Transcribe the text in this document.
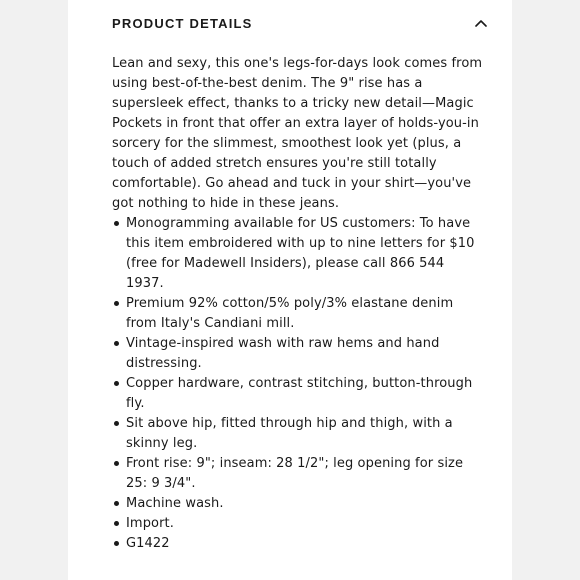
PRODUCT DETAILS

Lean and sexy, this one's legs-for-days look comes from using best-of-the-best denim. The 9" rise has a supersleek effect, thanks to a tricky new detail—Magic Pockets in front that offer an extra layer of holds-you-in sorcery for the slimmest, smoothest look yet (plus, a touch of added stretch ensures you're still totally comfortable). Go ahead and tuck in your shirt—you've got nothing to hide in these jeans.

Monogramming available for US customers: To have this item embroidered with up to nine letters for $10 (free for Madewell Insiders), please call 866 544 1937.
Premium 92% cotton/5% poly/3% elastane denim from Italy's Candiani mill.
Vintage-inspired wash with raw hems and hand distressing.
Copper hardware, contrast stitching, button-through fly.
Sit above hip, fitted through hip and thigh, with a skinny leg.
Front rise: 9"; inseam: 28 1/2"; leg opening for size 25: 9 3/4".
Machine wash.
Import.
G1422
